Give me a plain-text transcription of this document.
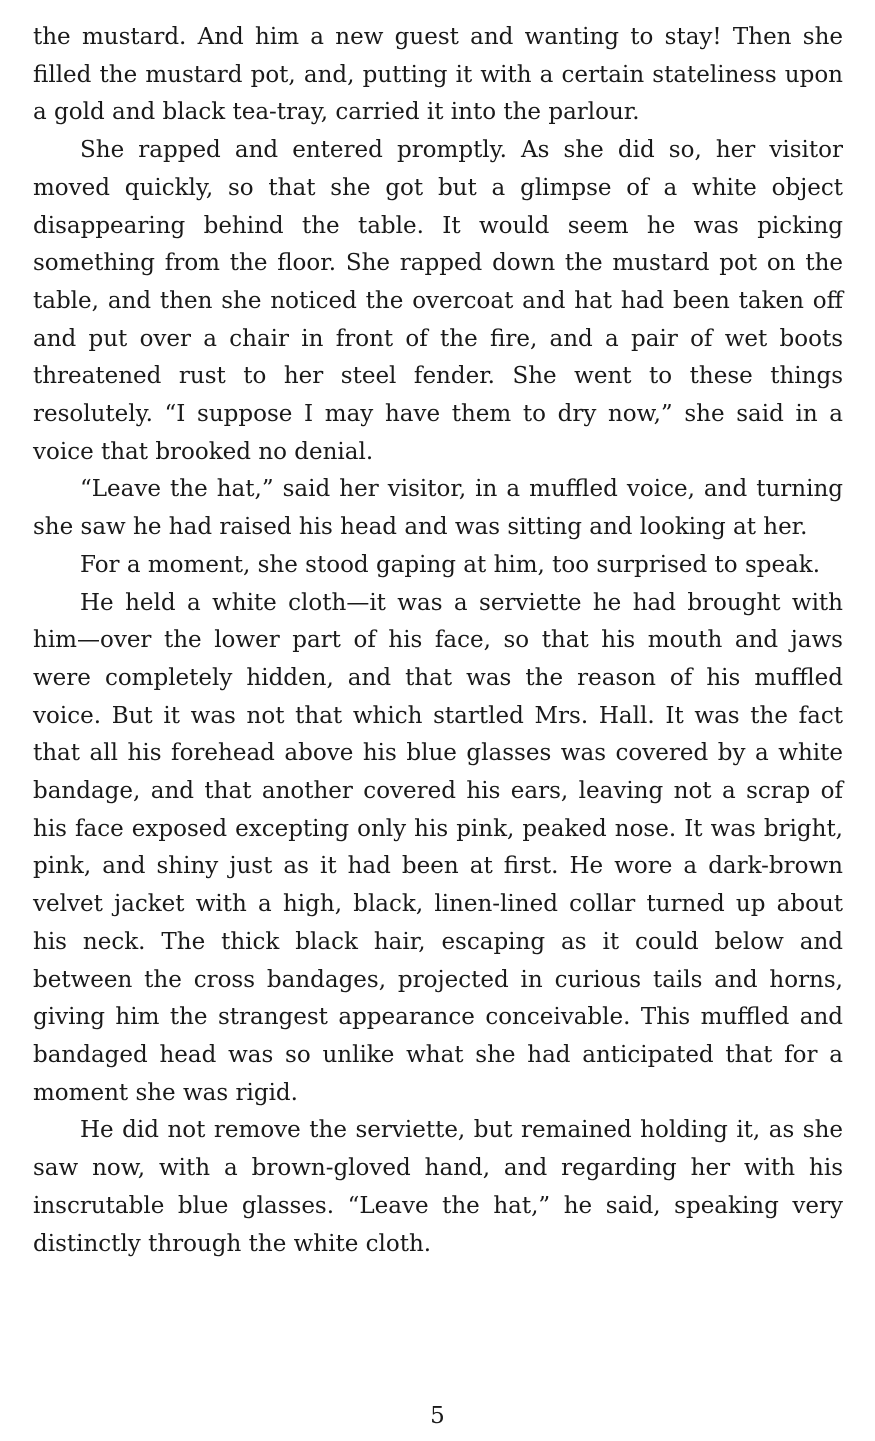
the mustard. And him a new guest and wanting to stay! Then she filled the mustard pot, and, putting it with a certain stateliness upon a gold and black tea-tray, carried it into the parlour.

She rapped and entered promptly. As she did so, her visitor moved quickly, so that she got but a glimpse of a white object disappearing behind the table. It would seem he was picking something from the floor. She rapped down the mustard pot on the table, and then she noticed the overcoat and hat had been taken off and put over a chair in front of the fire, and a pair of wet boots threatened rust to her steel fender. She went to these things resolutely. “I suppose I may have them to dry now,” she said in a voice that brooked no denial.

“Leave the hat,” said her visitor, in a muffled voice, and turning she saw he had raised his head and was sitting and looking at her.

For a moment, she stood gaping at him, too surprised to speak.

He held a white cloth—it was a serviette he had brought with him—over the lower part of his face, so that his mouth and jaws were completely hidden, and that was the reason of his muffled voice. But it was not that which startled Mrs. Hall. It was the fact that all his forehead above his blue glasses was covered by a white bandage, and that another covered his ears, leaving not a scrap of his face exposed excepting only his pink, peaked nose. It was bright, pink, and shiny just as it had been at first. He wore a dark-brown velvet jacket with a high, black, linen-lined collar turned up about his neck. The thick black hair, escaping as it could below and between the cross bandages, projected in curious tails and horns, giving him the strangest appearance conceivable. This muffled and bandaged head was so unlike what she had anticipated that for a moment she was rigid.

He did not remove the serviette, but remained holding it, as she saw now, with a brown-gloved hand, and regarding her with his inscrutable blue glasses. “Leave the hat,” he said, speaking very distinctly through the white cloth.

5
